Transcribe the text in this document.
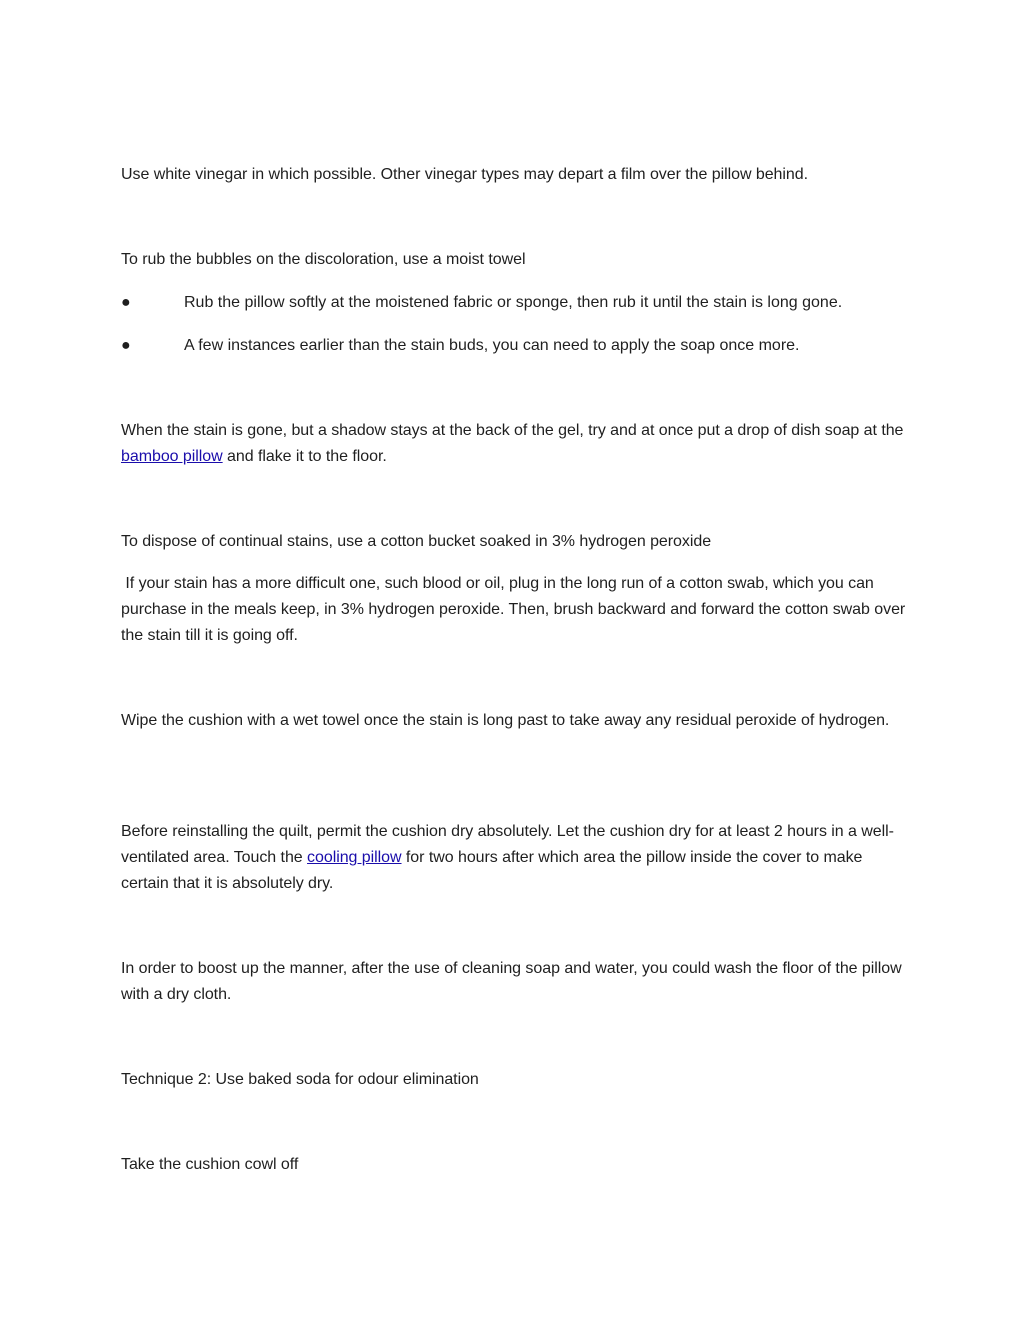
Use white vinegar in which possible. Other vinegar types may depart a film over the pillow behind.

To rub the bubbles on the discoloration, use a moist towel

●	Rub the pillow softly at the moistened fabric or sponge, then rub it until the stain is long gone.
●	A few instances earlier than the stain buds, you can need to apply the soap once more.

When the stain is gone, but a shadow stays at the back of the gel, try and at once put a drop of dish soap at the bamboo pillow and flake it to the floor.

To dispose of continual stains, use a cotton bucket soaked in 3% hydrogen peroxide

If your stain has a more difficult one, such blood or oil, plug in the long run of a cotton swab, which you can purchase in the meals keep, in 3% hydrogen peroxide. Then, brush backward and forward the cotton swab over the stain till it is going off.

Wipe the cushion with a wet towel once the stain is long past to take away any residual peroxide of hydrogen.

Before reinstalling the quilt, permit the cushion dry absolutely. Let the cushion dry for at least 2 hours in a well-ventilated area. Touch the cooling pillow for two hours after which area the pillow inside the cover to make certain that it is absolutely dry.

In order to boost up the manner, after the use of cleaning soap and water, you could wash the floor of the pillow with a dry cloth.

Technique 2: Use baked soda for odour elimination

Take the cushion cowl off
